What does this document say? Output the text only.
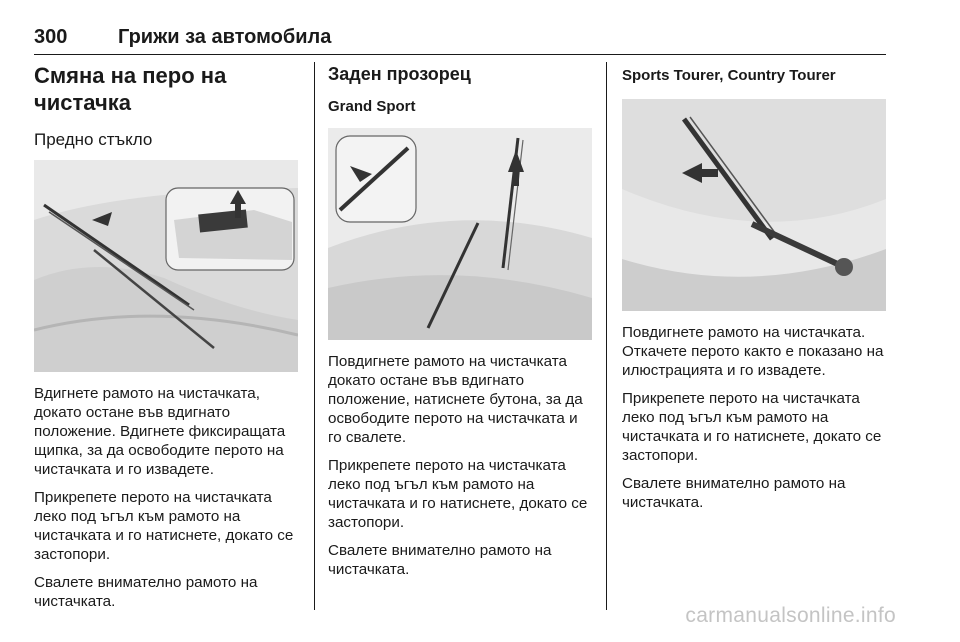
300	Грижи за автомобила
Смяна на перо на чистачка
Предно стъкло

Вдигнете рамото на чистачката, докато остане във вдигнато положение. Вдигнете фиксиращата щипка, за да освободите перото на чистачката и го извадете.

Прикрепете перото на чистачката леко под ъгъл към рамото на чистачката и го натиснете, докато се застопори.

Свалете внимателно рамото на чистачката.

Заден прозорец
Grand Sport

Повдигнете рамото на чистачката докато остане във вдигнато положение, натиснете бутона, за да освободите перото на чистачката и го свалете.

Прикрепете перото на чистачката леко под ъгъл към рамото на чистачката и го натиснете, докато се застопори.

Свалете внимателно рамото на чистачката.

Sports Tourer, Country Tourer

Повдигнете рамото на чистачката. Откачете перото както е показано на илюстрацията и го извадете.

Прикрепете перото на чистачката леко под ъгъл към рамото на чистачката и го натиснете, докато се застопори.

Свалете внимателно рамото на чистачката.

carmanualsonline.info
